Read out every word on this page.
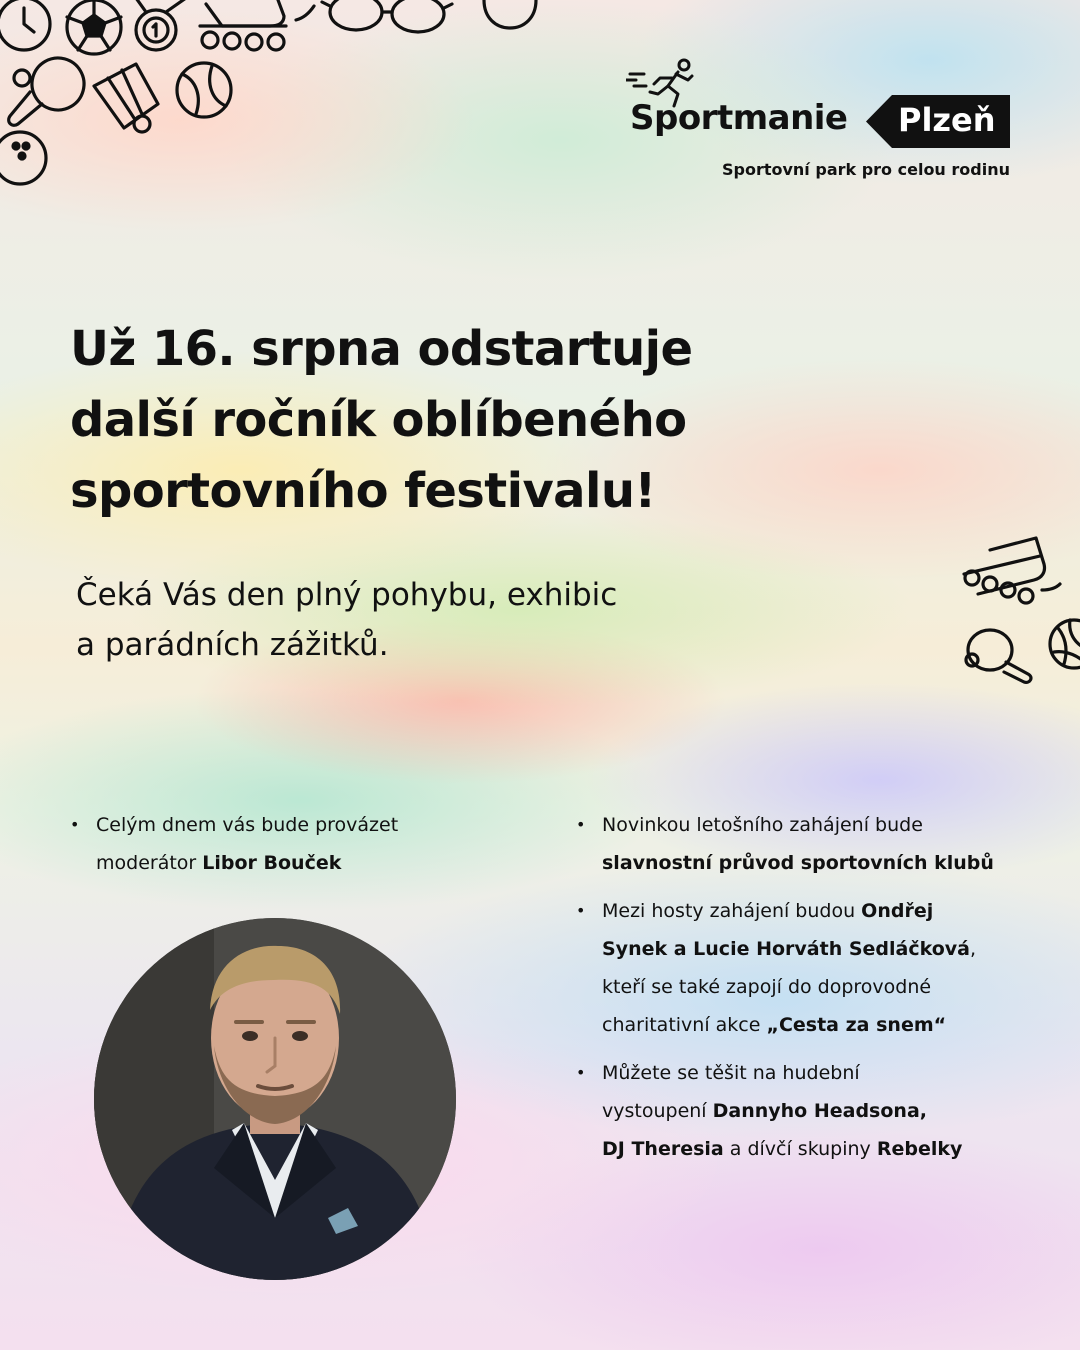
Sportmanie Plzeň
Sportovní park pro celou rodinu
Už 16. srpna odstartuje
další ročník oblíbeného
sportovního festivalu!
Čeká Vás den plný pohybu, exhibic
a parádních zážitků.
• Celým dnem vás bude provázet
moderátor Libor Bouček
• Novinkou letošního zahájení bude
slavnostní průvod sportovních klubů
• Mezi hosty zahájení budou Ondřej
Synek a Lucie Horváth Sedláčková,
kteří se také zapojí do doprovodné
charitativní akce „Cesta za snem“
• Můžete se těšit na hudební
vystoupení Dannyho Headsona,
DJ Theresia a dívčí skupiny Rebelky
